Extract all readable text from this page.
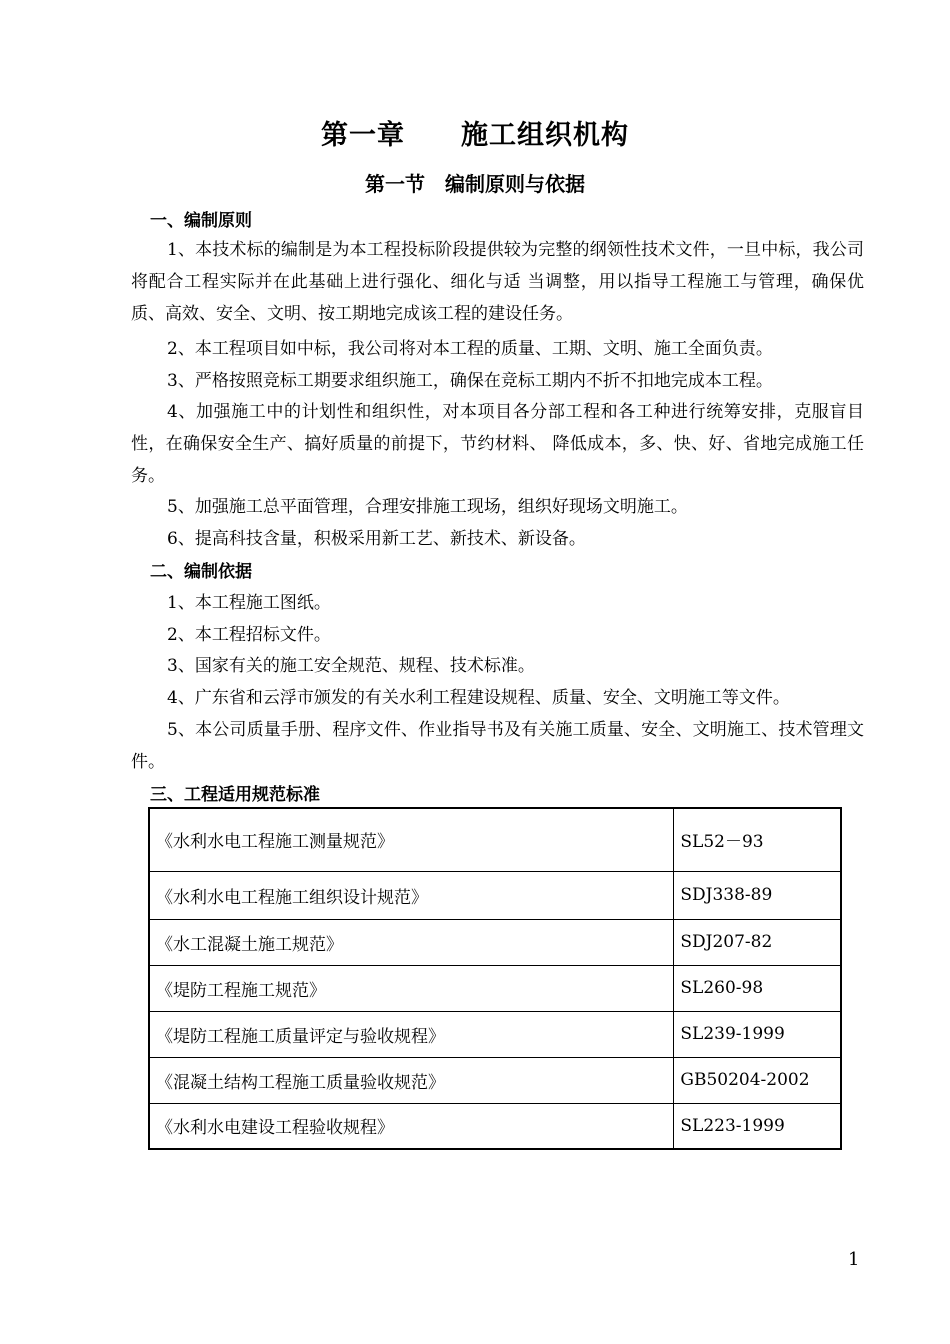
第一章　　施工组织机构
第一节　编制原则与依据
一、编制原则

1、本技术标的编制是为本工程投标阶段提供较为完整的纲领性技术文件，一旦中标，我公司将配合工程实际并在此基础上进行强化、细化与适 当调整，用以指导工程施工与管理，确保优质、高效、安全、文明、按工期地完成该工程的建设任务。

2、本工程项目如中标，我公司将对本工程的质量、工期、文明、施工全面负责。

3、严格按照竞标工期要求组织施工，确保在竞标工期内不折不扣地完成本工程。

4、加强施工中的计划性和组织性，对本项目各分部工程和各工种进行统筹安排，克服盲目性，在确保安全生产、搞好质量的前提下，节约材料、 降低成本，多、快、好、省地完成施工任务。

5、加强施工总平面管理，合理安排施工现场，组织好现场文明施工。

6、提高科技含量，积极采用新工艺、新技术、新设备。

二、编制依据

1、本工程施工图纸。

2、本工程招标文件。

3、国家有关的施工安全规范、规程、技术标准。

4、广东省和云浮市颁发的有关水利工程建设规程、质量、安全、文明施工等文件。

5、本公司质量手册、程序文件、作业指导书及有关施工质量、安全、文明施工、技术管理文件。

三、工程适用规范标准
《水利水电工程施工测量规范》	SL52－93
《水利水电工程施工组织设计规范》	SDJ338-89
《水工混凝土施工规范》	SDJ207-82
《堤防工程施工规范》	SL260-98
《堤防工程施工质量评定与验收规程》	SL239-1999
《混凝土结构工程施工质量验收规范》	GB50204-2002
《水利水电建设工程验收规程》	SL223-1999
1
